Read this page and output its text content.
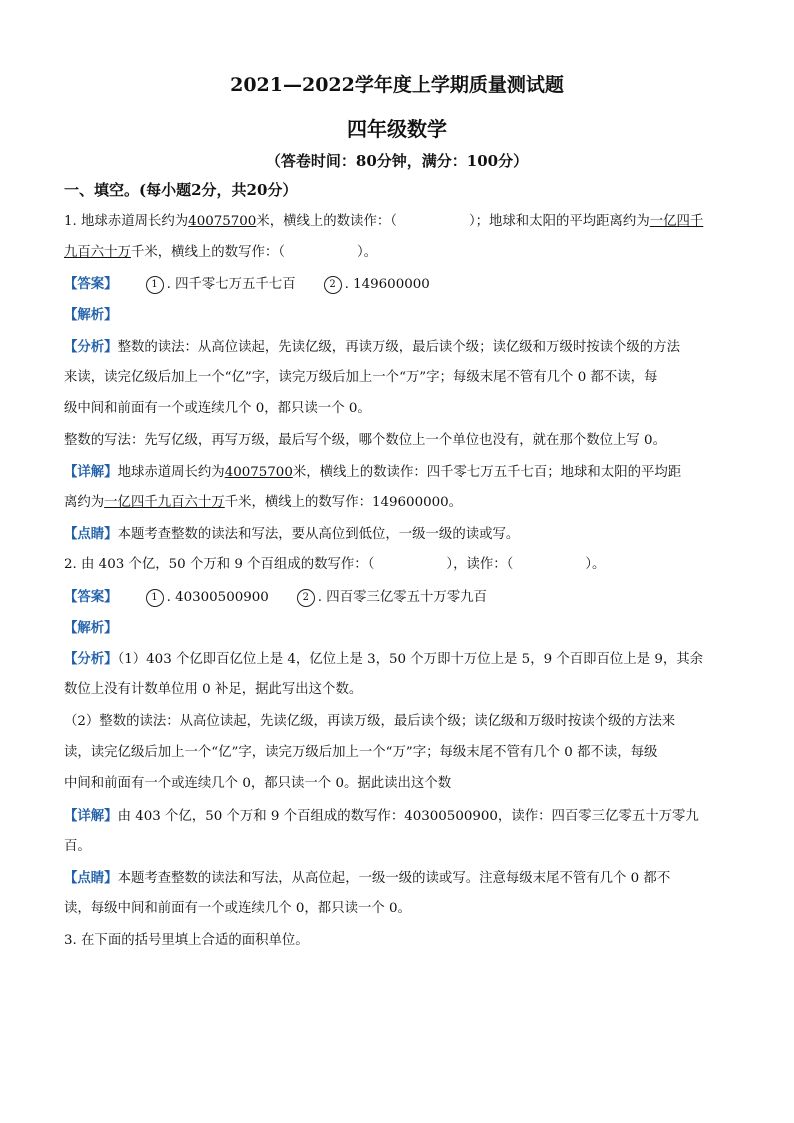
2021—2022学年度上学期质量测试题
四年级数学
（答卷时间：80分钟，满分：100分）
一、填空。(每小题2分，共20分）
1. 地球赤道周长约为40075700米，横线上的数读作：（	）；地球和太阳的平均距离约为一亿四千
九百六十万千米，横线上的数写作：（	）。
【答案】	1 . 四千零七万五千七百	2 . 149600000
【解析】
【分析】整数的读法：从高位读起，先读亿级，再读万级，最后读个级；读亿级和万级时按读个级的方法
来读，读完亿级后加上一个“亿”字，读完万级后加上一个“万”字；每级末尾不管有几个 0 都不读，每
级中间和前面有一个或连续几个 0，都只读一个 0。
整数的写法：先写亿级，再写万级，最后写个级，哪个数位上一个单位也没有，就在那个数位上写 0。
【详解】地球赤道周长约为40075700米，横线上的数读作：四千零七万五千七百；地球和太阳的平均距
离约为一亿四千九百六十万千米，横线上的数写作：149600000。
【点睛】本题考查整数的读法和写法，要从高位到低位，一级一级的读或写。
2. 由 403 个亿，50 个万和 9 个百组成的数写作：（	），读作：（	）。
【答案】	1 . 40300500900	2 . 四百零三亿零五十万零九百
【解析】
【分析】（1）403 个亿即百亿位上是 4，亿位上是 3，50 个万即十万位上是 5，9 个百即百位上是 9，其余
数位上没有计数单位用 0 补足，据此写出这个数。
（2）整数的读法：从高位读起，先读亿级，再读万级，最后读个级；读亿级和万级时按读个级的方法来
读，读完亿级后加上一个“亿”字，读完万级后加上一个“万”字；每级末尾不管有几个 0 都不读，每级
中间和前面有一个或连续几个 0，都只读一个 0。据此读出这个数
【详解】由 403 个亿，50 个万和 9 个百组成的数写作：40300500900，读作：四百零三亿零五十万零九
百。
【点睛】本题考查整数的读法和写法，从高位起，一级一级的读或写。注意每级末尾不管有几个 0 都不
读，每级中间和前面有一个或连续几个 0，都只读一个 0。
3. 在下面的括号里填上合适的面积单位。
